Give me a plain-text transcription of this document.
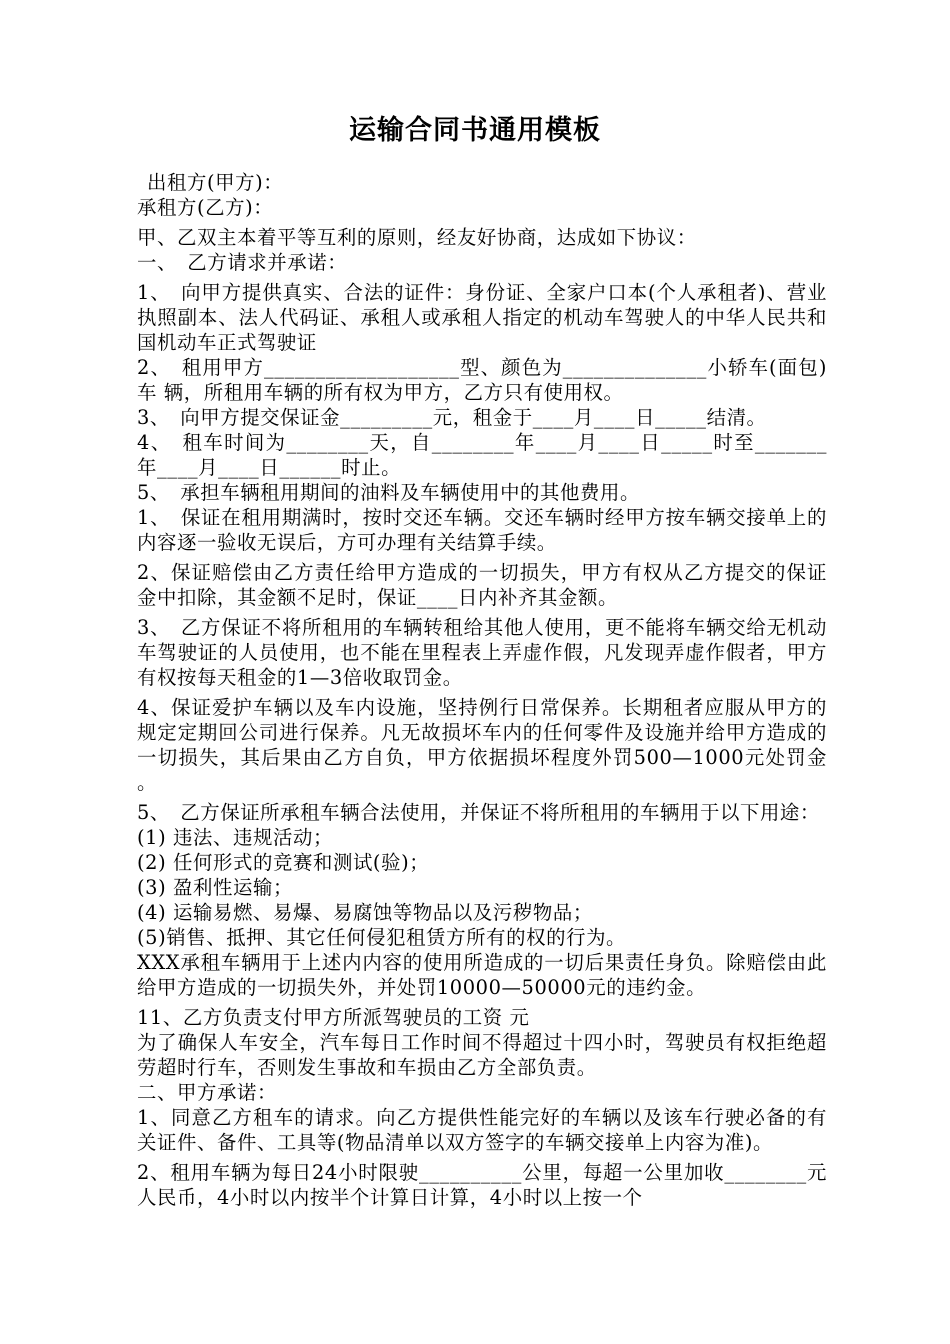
运输合同书通用模板

出租方(甲方)：

承租方(乙方)：

甲、乙双主本着平等互利的原则，经友好协商，达成如下协议：

一、　乙方请求并承诺：

1、　向甲方提供真实、合法的证件：身份证、全家户口本(个人承租者)、营业执照副本、法人代码证、承租人或承租人指定的机动车驾驶人的中华人民共和国机动车正式驾驶证

2、　租用甲方___________________型、颜色为______________小轿车(面包)车 辆，所租用车辆的所有权为甲方，乙方只有使用权。

3、　向甲方提交保证金_________元，租金于____月____日_____结清。

4、　租车时间为________天，自________年____月____日_____时至_______年____月____日______时止。

5、　承担车辆租用期间的油料及车辆使用中的其他费用。

1、　保证在租用期满时，按时交还车辆。交还车辆时经甲方按车辆交接单上的内容逐一验收无误后，方可办理有关结算手续。

2、保证赔偿由乙方责任给甲方造成的一切损失，甲方有权从乙方提交的保证金中扣除，其金额不足时，保证____日内补齐其金额。

3、　乙方保证不将所租用的车辆转租给其他人使用，更不能将车辆交给无机动车驾驶证的人员使用，也不能在里程表上弄虚作假，凡发现弄虚作假者，甲方有权按每天租金的1—3倍收取罚金。

4、保证爱护车辆以及车内设施，坚持例行日常保养。长期租者应服从甲方的规定定期回公司进行保养。凡无故损坏车内的任何零件及设施并给甲方造成的一切损失，其后果由乙方自负，甲方依据损坏程度外罚500—1000元处罚金。

5、　乙方保证所承租车辆合法使用，并保证不将所租用的车辆用于以下用途：

(1) 违法、违规活动；

(2) 任何形式的竞赛和测试(验)；

(3) 盈利性运输；

(4) 运输易燃、易爆、易腐蚀等物品以及污秽物品；

(5)销售、抵押、其它任何侵犯租赁方所有的权的行为。

XXX承租车辆用于上述内内容的使用所造成的一切后果责任身负。除赔偿由此给甲方造成的一切损失外，并处罚10000—50000元的违约金。

11、乙方负责支付甲方所派驾驶员的工资 元

为了确保人车安全，汽车每日工作时间不得超过十四小时，驾驶员有权拒绝超劳超时行车，否则发生事故和车损由乙方全部负责。

二、甲方承诺：

1、同意乙方租车的请求。向乙方提供性能完好的车辆以及该车行驶必备的有关证件、备件、工具等(物品清单以双方签字的车辆交接单上内容为准)。

2、租用车辆为每日24小时限驶__________公里，每超一公里加收________元人民币，4小时以内按半个计算日计算，4小时以上按一个
